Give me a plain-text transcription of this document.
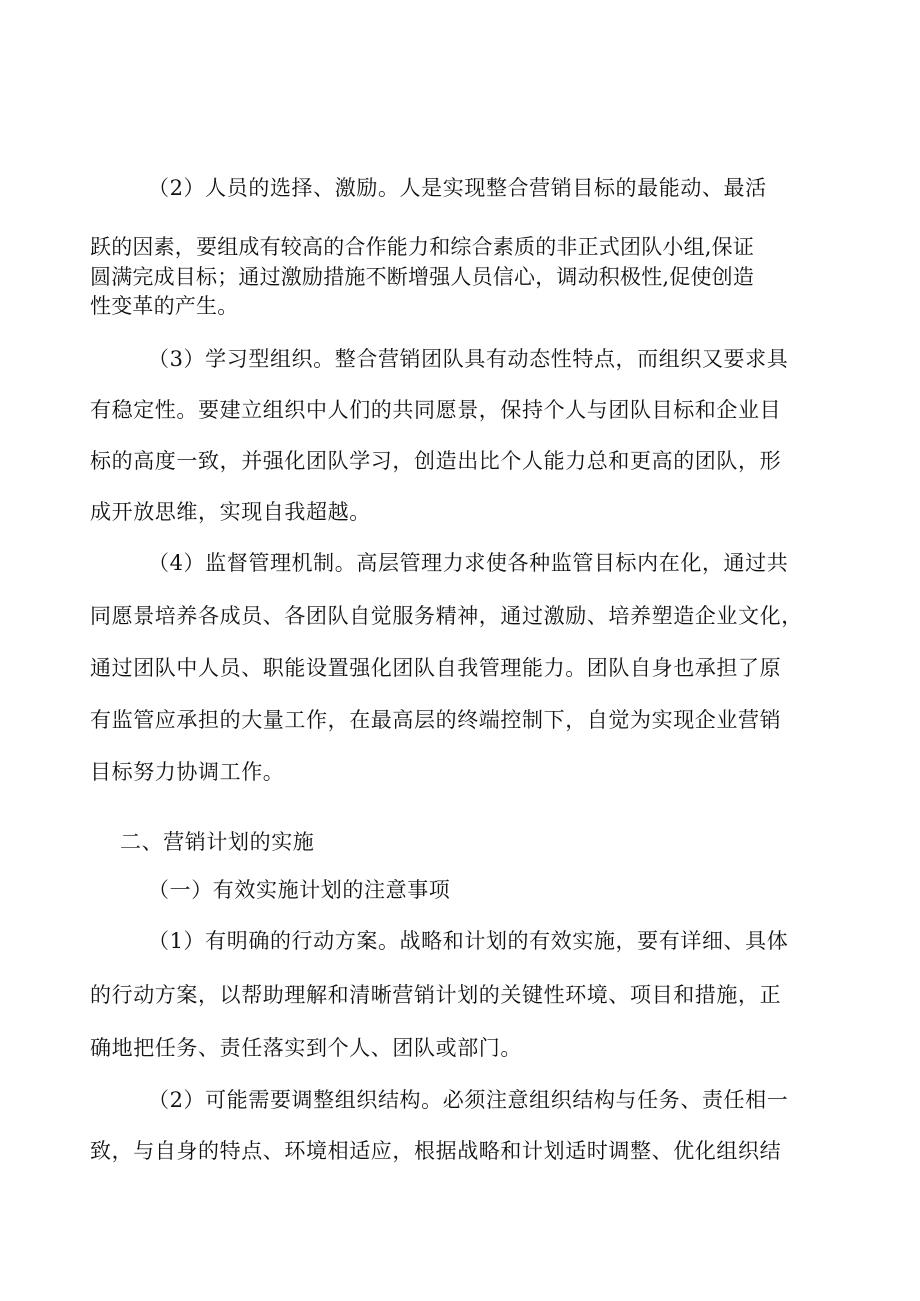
（2）人员的选择、激励。人是实现整合营销目标的最能动、最活
跃的因素，要组成有较高的合作能力和综合素质的非正式团队小组,保证
圆满完成目标；通过激励措施不断增强人员信心，调动积极性,促使创造
性变革的产生。
（3）学习型组织。整合营销团队具有动态性特点，而组织又要求具
有稳定性。要建立组织中人们的共同愿景，保持个人与团队目标和企业目
标的高度一致，并强化团队学习，创造出比个人能力总和更高的团队，形
成开放思维，实现自我超越。
（4）监督管理机制。高层管理力求使各种监管目标内在化，通过共
同愿景培养各成员、各团队自觉服务精神，通过激励、培养塑造企业文化，
通过团队中人员、职能设置强化团队自我管理能力。团队自身也承担了原
有监管应承担的大量工作，在最高层的终端控制下，自觉为实现企业营销
目标努力协调工作。
二、营销计划的实施
（一）有效实施计划的注意事项
（1）有明确的行动方案。战略和计划的有效实施，要有详细、具体
的行动方案，以帮助理解和清晰营销计划的关键性环境、项目和措施，正
确地把任务、责任落实到个人、团队或部门。
（2）可能需要调整组织结构。必须注意组织结构与任务、责任相一
致，与自身的特点、环境相适应，根据战略和计划适时调整、优化组织结
